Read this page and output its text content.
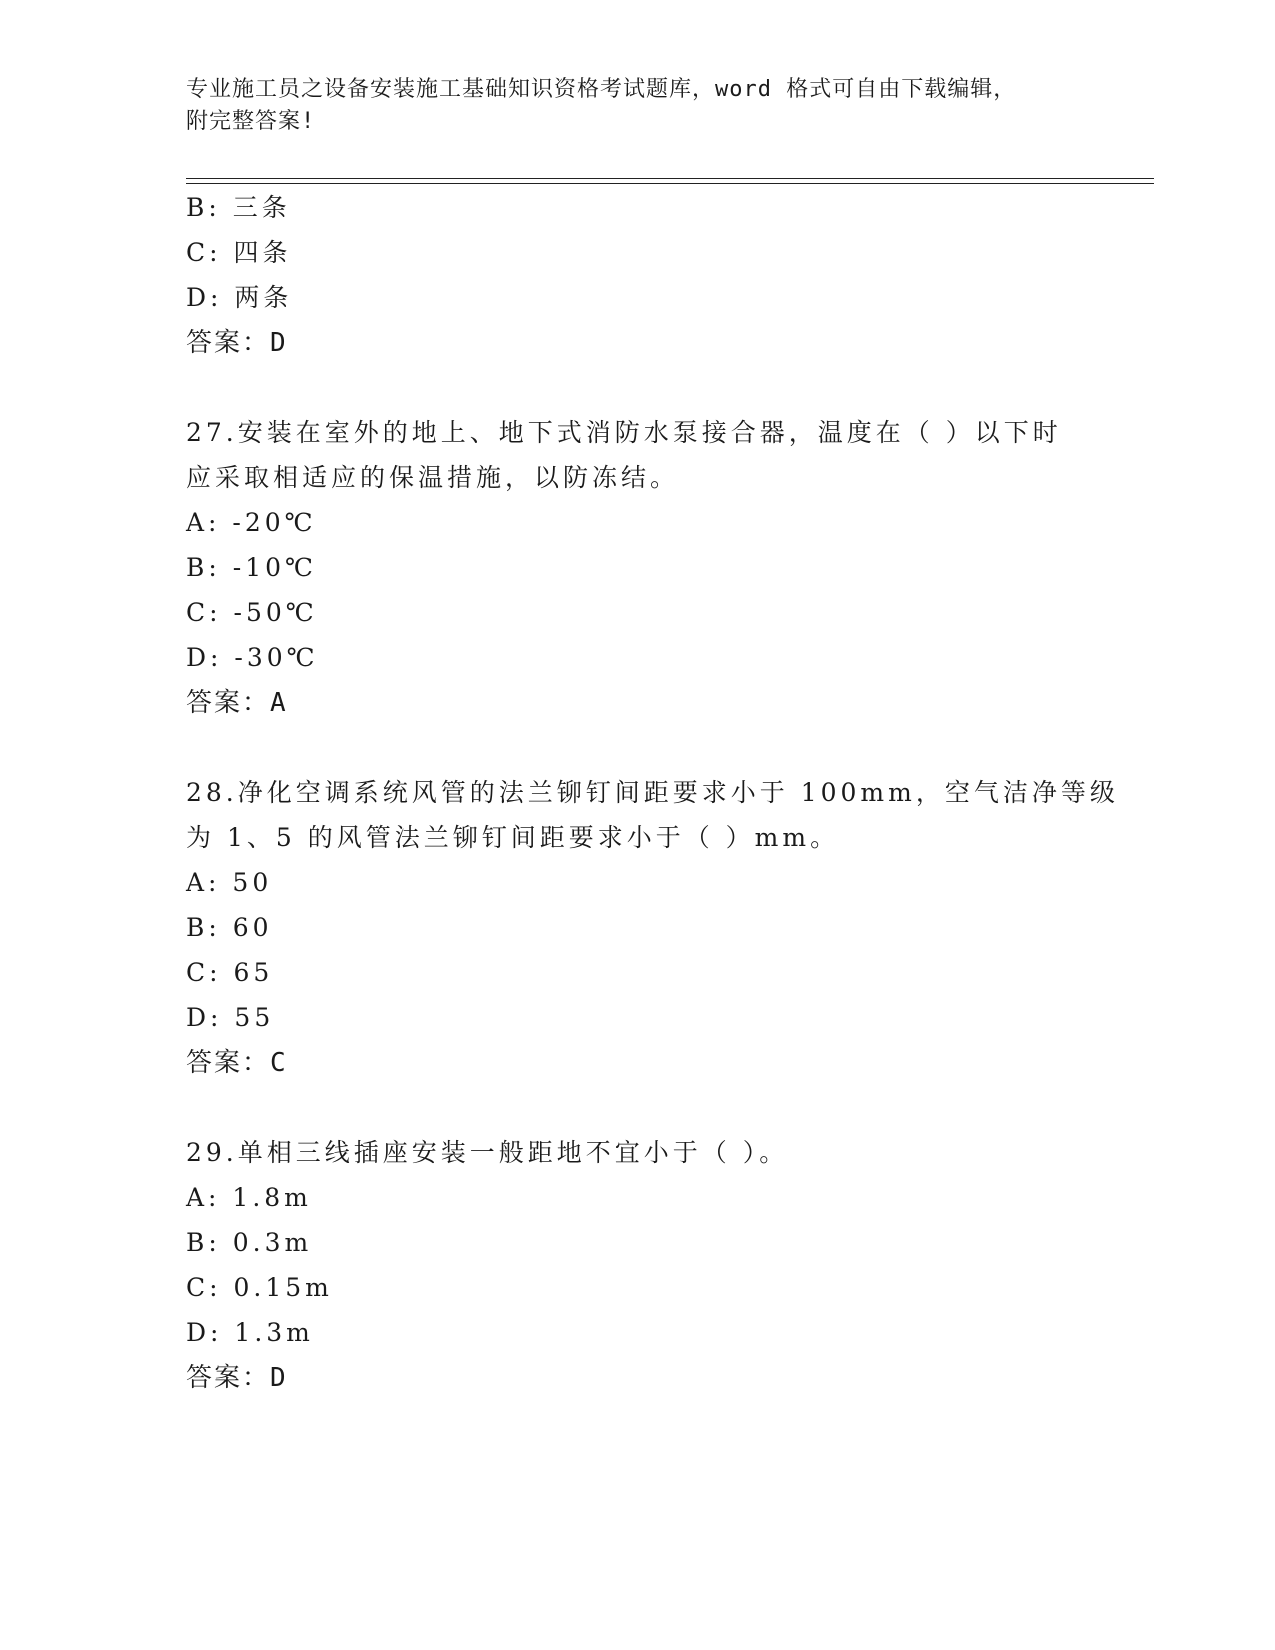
专业施工员之设备安装施工基础知识资格考试题库，word 格式可自由下载编辑，
附完整答案!
B: 三条
C: 四条
D: 两条
答案：D
27.安装在室外的地上、地下式消防水泵接合器，温度在（ ）以下时
应采取相适应的保温措施，以防冻结。
A: -20℃
B: -10℃
C: -50℃
D: -30℃
答案：A
28.净化空调系统风管的法兰铆钉间距要求小于 100mm，空气洁净等级
为 1、5 的风管法兰铆钉间距要求小于（ ）mm。
A: 50
B: 60
C: 65
D: 55
答案：C
29.单相三线插座安装一般距地不宜小于（ ）。
A: 1.8m
B: 0.3m
C: 0.15m
D: 1.3m
答案：D
